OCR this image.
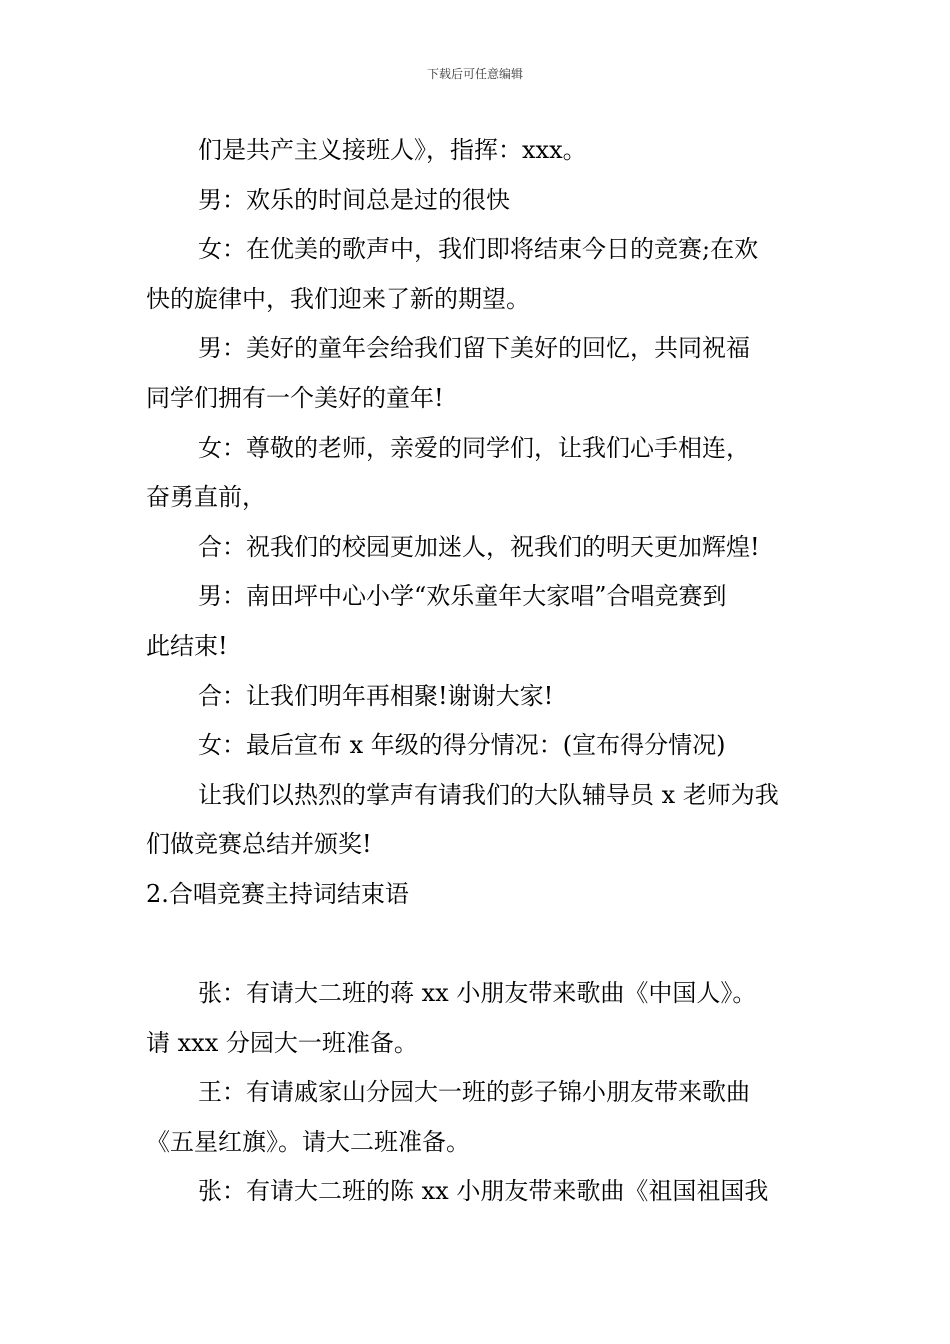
下载后可任意编辑
们是共产主义接班人》，指挥：xxx。
男：欢乐的时间总是过的很快
女：在优美的歌声中，我们即将结束今日的竞赛;在欢
快的旋律中，我们迎来了新的期望。
男：美好的童年会给我们留下美好的回忆，共同祝福
同学们拥有一个美好的童年!
女：尊敬的老师，亲爱的同学们，让我们心手相连，
奋勇直前，
合：祝我们的校园更加迷人，祝我们的明天更加辉煌!
男：南田坪中心小学“欢乐童年大家唱”合唱竞赛到
此结束!
合：让我们明年再相聚!谢谢大家!
女：最后宣布 x 年级的得分情况：(宣布得分情况)
让我们以热烈的掌声有请我们的大队辅导员 x 老师为我
们做竞赛总结并颁奖!
2.合唱竞赛主持词结束语
张：有请大二班的蒋 xx 小朋友带来歌曲《中国人》。
请 xxx 分园大一班准备。
王：有请戚家山分园大一班的彭子锦小朋友带来歌曲
《五星红旗》。请大二班准备。
张：有请大二班的陈 xx 小朋友带来歌曲《祖国祖国我
